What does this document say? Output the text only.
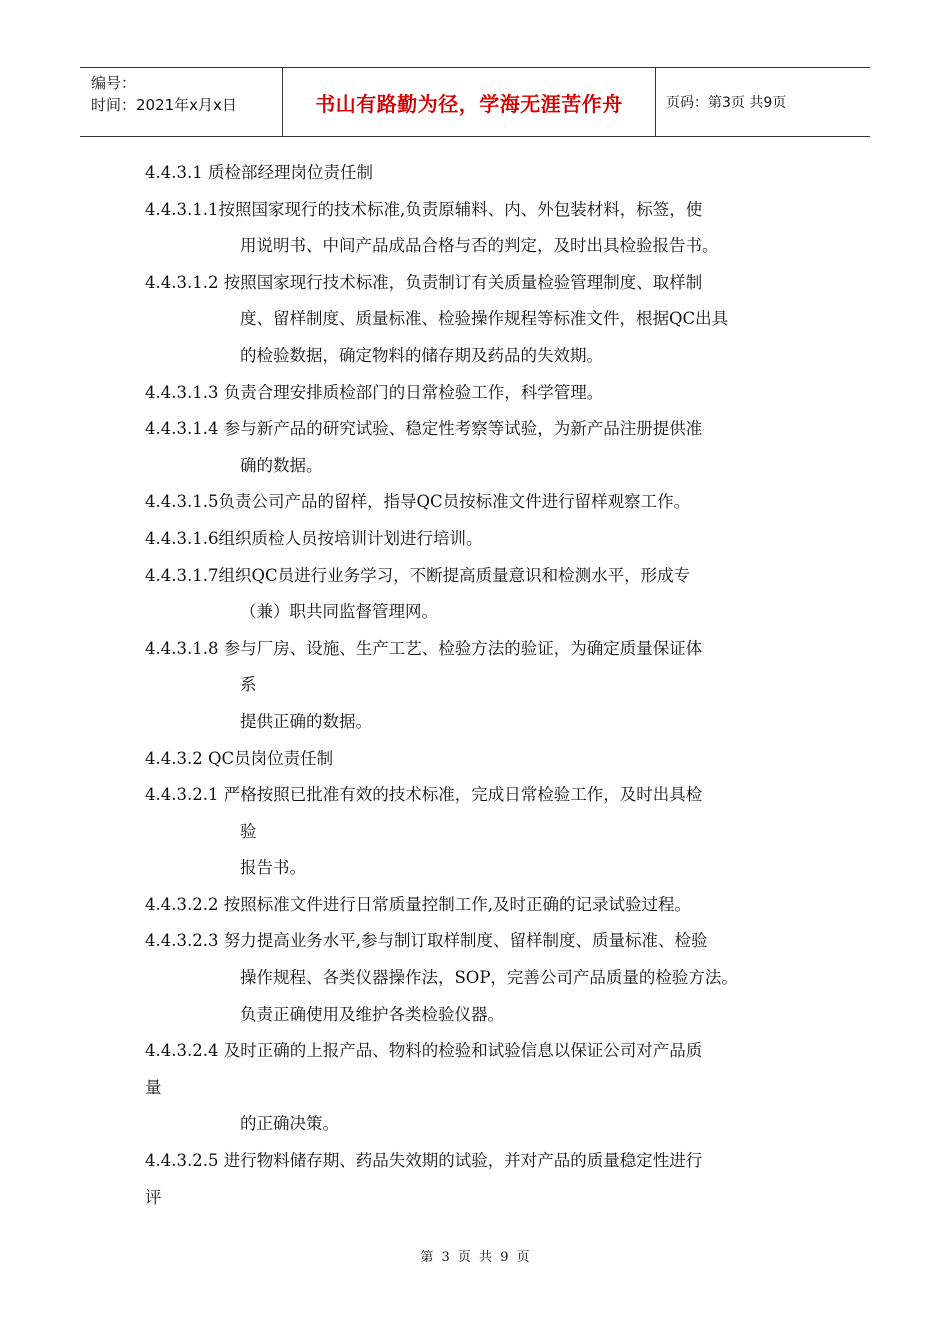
编号：
时间：2021年x月x日	书山有路勤为径，学海无涯苦作舟	页码：第3页 共9页
4.4.3.1 质检部经理岗位责任制
4.4.3.1.1按照国家现行的技术标准,负责原辅料、内、外包装材料，标签，使
用说明书、中间产品成品合格与否的判定，及时出具检验报告书。
4.4.3.1.2 按照国家现行技术标准，负责制订有关质量检验管理制度、取样制
度、留样制度、质量标准、检验操作规程等标准文件，根据QC出具
的检验数据，确定物料的储存期及药品的失效期。
4.4.3.1.3 负责合理安排质检部门的日常检验工作，科学管理。
4.4.3.1.4 参与新产品的研究试验、稳定性考察等试验，为新产品注册提供准
确的数据。
4.4.3.1.5负责公司产品的留样，指导QC员按标准文件进行留样观察工作。
4.4.3.1.6组织质检人员按培训计划进行培训。
4.4.3.1.7组织QC员进行业务学习，不断提高质量意识和检测水平，形成专
（兼）职共同监督管理网。
4.4.3.1.8 参与厂房、设施、生产工艺、检验方法的验证，为确定质量保证体
系
提供正确的数据。
4.4.3.2 QC员岗位责任制
4.4.3.2.1 严格按照已批准有效的技术标准，完成日常检验工作，及时出具检
验
报告书。
4.4.3.2.2 按照标准文件进行日常质量控制工作,及时正确的记录试验过程。
4.4.3.2.3 努力提高业务水平,参与制订取样制度、留样制度、质量标准、检验
操作规程、各类仪器操作法，SOP，完善公司产品质量的检验方法。
负责正确使用及维护各类检验仪器。
4.4.3.2.4 及时正确的上报产品、物料的检验和试验信息以保证公司对产品质
量
的正确决策。
4.4.3.2.5 进行物料储存期、药品失效期的试验，并对产品的质量稳定性进行
评
第 3 页 共 9 页
